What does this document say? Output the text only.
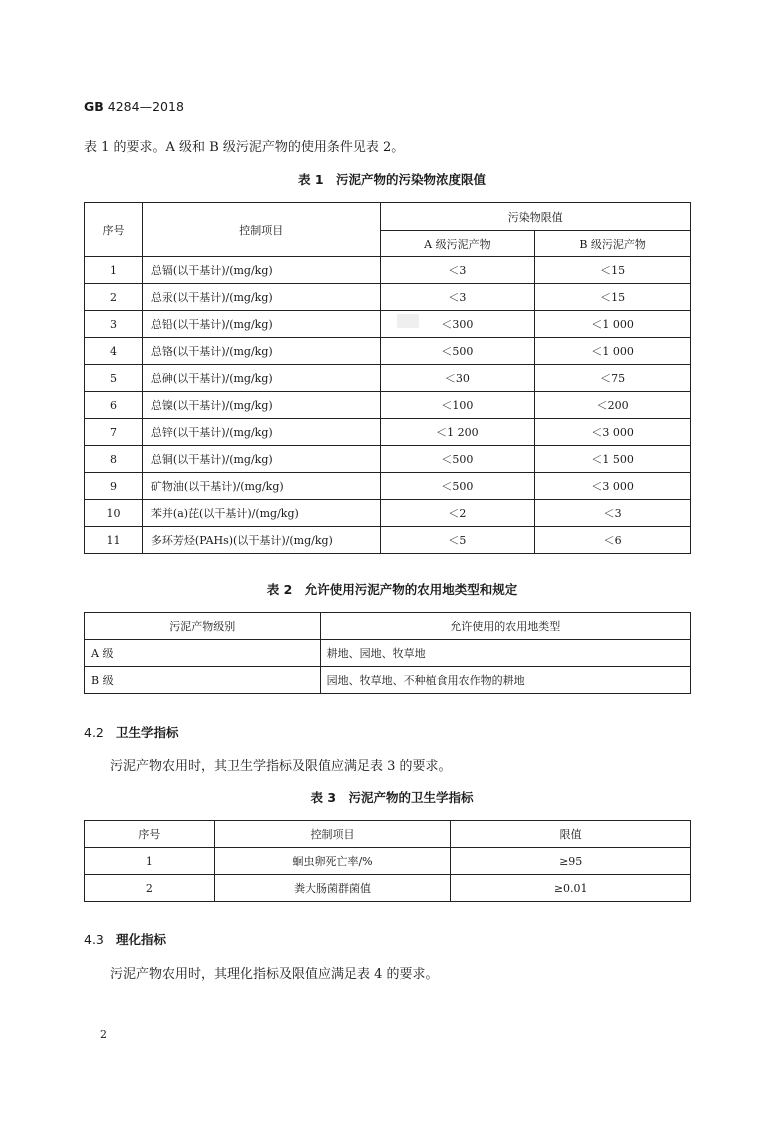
GB 4284—2018
表 1 的要求。A 级和 B 级污泥产物的使用条件见表 2。
表 1　污泥产物的污染物浓度限值
序号	控制项目	污染物限值	
		A 级污泥产物	B 级污泥产物
1	总镉(以干基计)/(mg/kg)	＜3	＜15
2	总汞(以干基计)/(mg/kg)	＜3	＜15
3	总铅(以干基计)/(mg/kg)	＜300	＜1 000
4	总铬(以干基计)/(mg/kg)	＜500	＜1 000
5	总砷(以干基计)/(mg/kg)	＜30	＜75
6	总镍(以干基计)/(mg/kg)	＜100	＜200
7	总锌(以干基计)/(mg/kg)	＜1 200	＜3 000
8	总铜(以干基计)/(mg/kg)	＜500	＜1 500
9	矿物油(以干基计)/(mg/kg)	＜500	＜3 000
10	苯并(a)芘(以干基计)/(mg/kg)	＜2	＜3
11	多环芳烃(PAHs)(以干基计)/(mg/kg)	＜5	＜6
表 2　允许使用污泥产物的农用地类型和规定
污泥产物级别	允许使用的农用地类型
A 级	耕地、园地、牧草地
B 级	园地、牧草地、不种植食用农作物的耕地
4.2 卫生学指标
污泥产物农用时，其卫生学指标及限值应满足表 3 的要求。
表 3　污泥产物的卫生学指标
序号	控制项目	限值
1	蛔虫卵死亡率/%	≥95
2	粪大肠菌群菌值	≥0.01
4.3 理化指标
污泥产物农用时，其理化指标及限值应满足表 4 的要求。
2
